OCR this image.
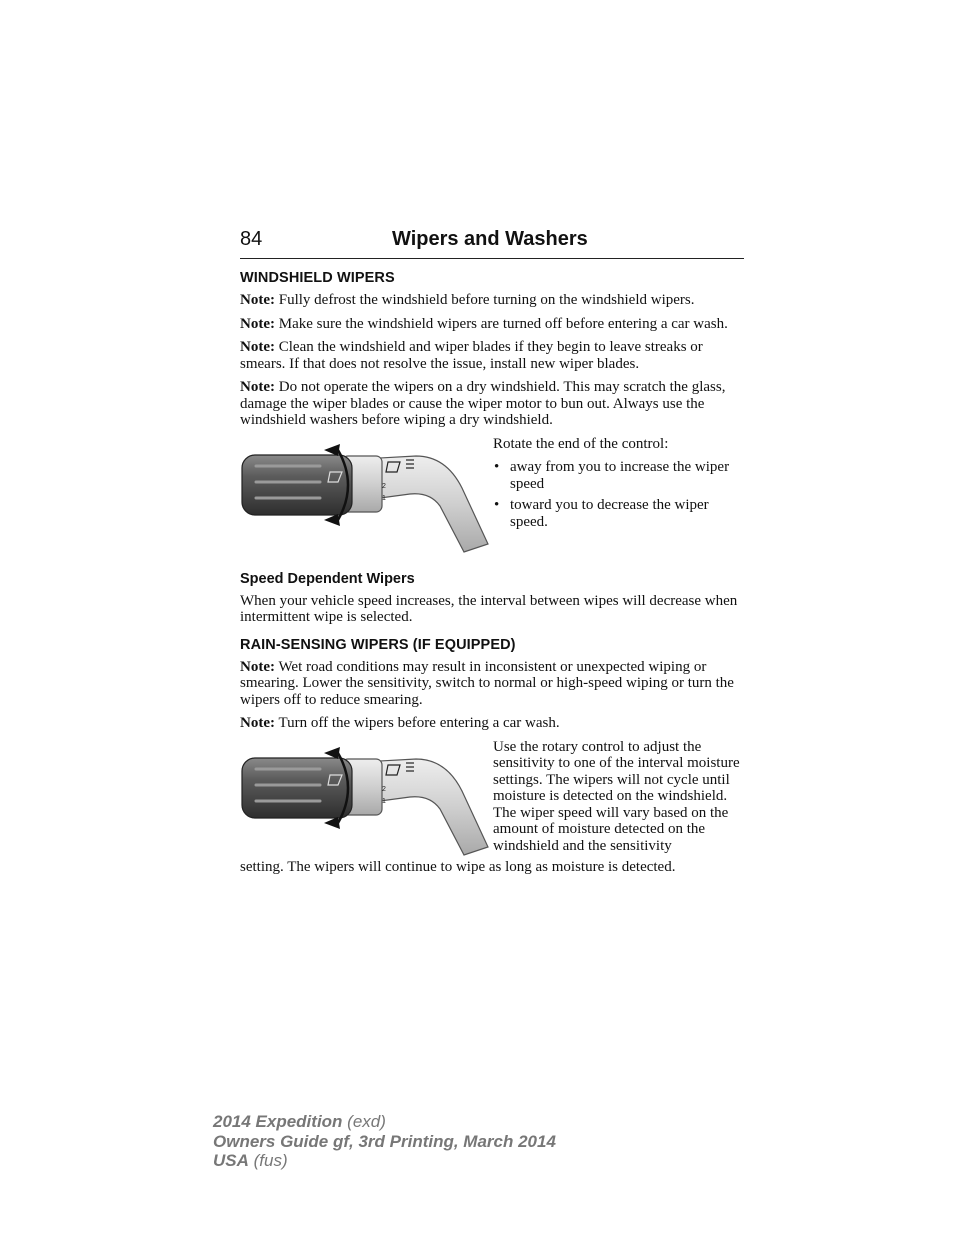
84	Wipers and Washers
WINDSHIELD WIPERS

Note: Fully defrost the windshield before turning on the windshield wipers.

Note: Make sure the windshield wipers are turned off before entering a car wash.

Note: Clean the windshield and wiper blades if they begin to leave streaks or smears. If that does not resolve the issue, install new wiper blades.

Note: Do not operate the wipers on a dry windshield. This may scratch the glass, damage the wiper blades or cause the wiper motor to bun out. Always use the windshield washers before wiping a dry windshield.

2
1

Rotate the end of the control:

• away from you to increase the wiper speed
• toward you to decrease the wiper speed.
Speed Dependent Wipers

When your vehicle speed increases, the interval between wipes will decrease when intermittent wipe is selected.

RAIN-SENSING WIPERS (IF EQUIPPED)

Note: Wet road conditions may result in inconsistent or unexpected wiping or smearing. Lower the sensitivity, switch to normal or high-speed wiping or turn the wipers off to reduce smearing.

Note: Turn off the wipers before entering a car wash.

2
1

Use the rotary control to adjust the sensitivity to one of the interval moisture settings. The wipers will not cycle until moisture is detected on the windshield. The wiper speed will vary based on the amount of moisture detected on the windshield and the sensitivity

setting. The wipers will continue to wipe as long as moisture is detected.

2014 Expedition (exd)
Owners Guide gf, 3rd Printing, March 2014
USA (fus)
